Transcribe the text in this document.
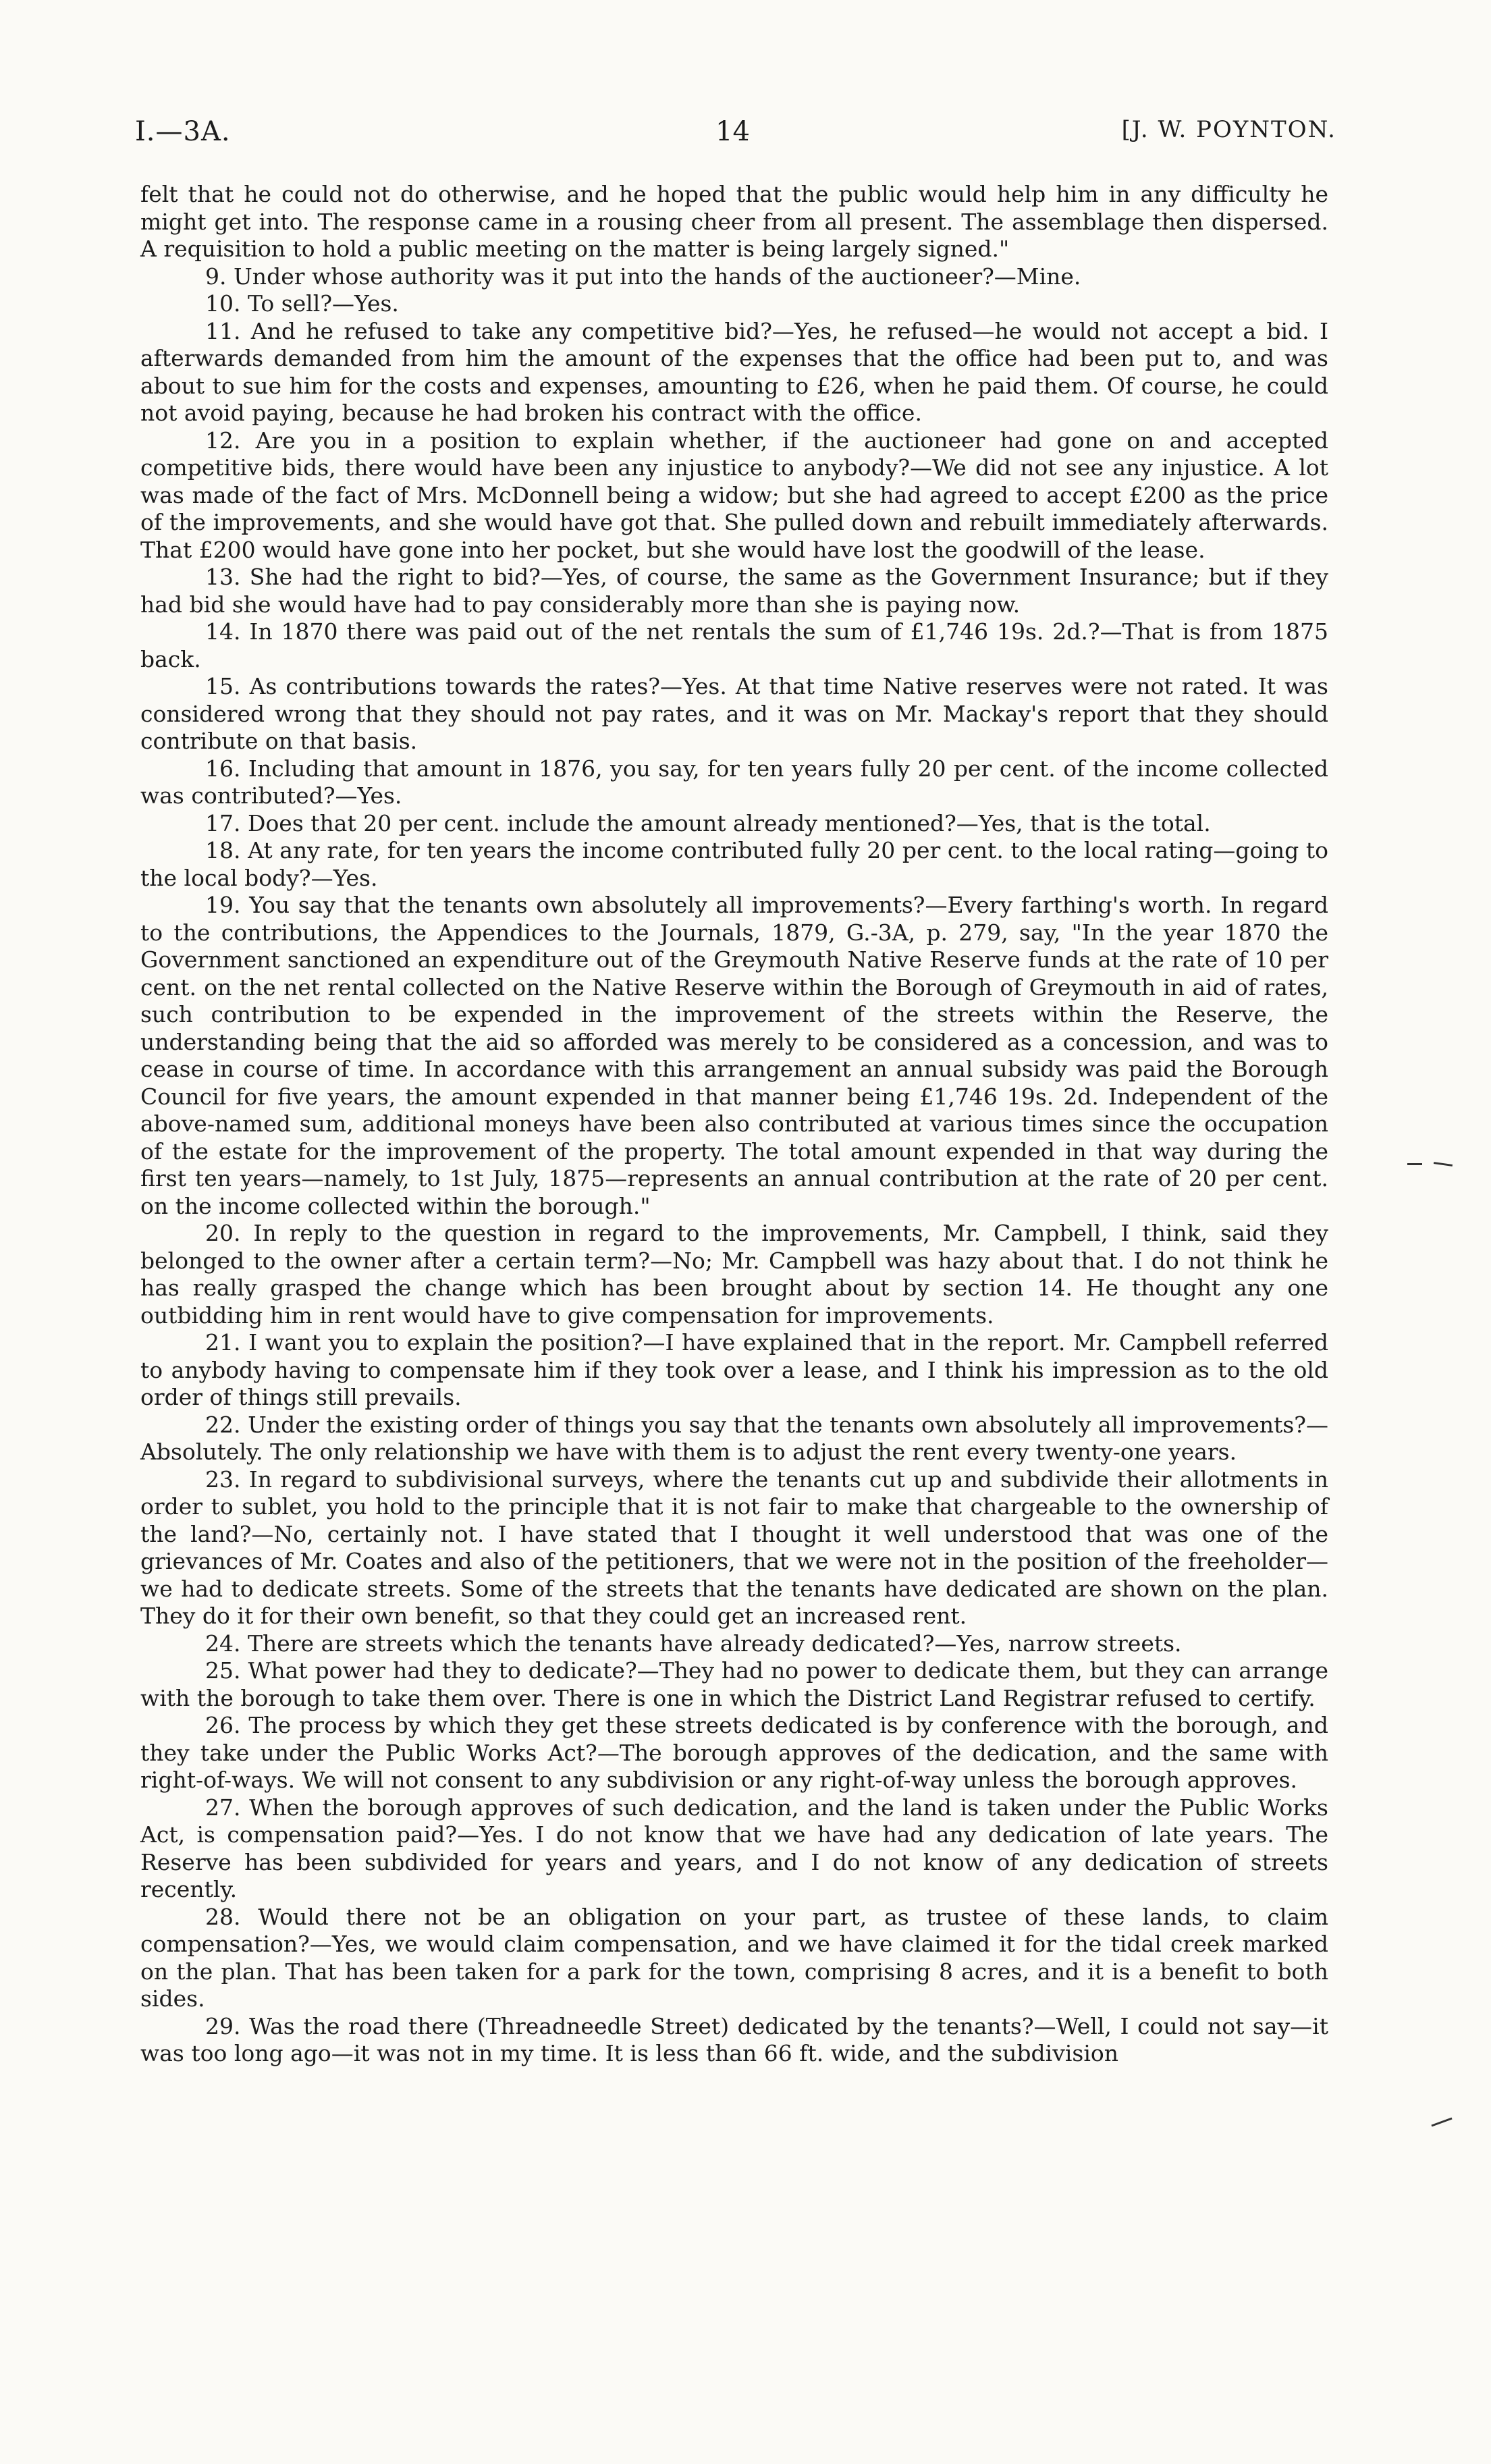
I.—3A.	14	[J. W. POYNTON.

felt that he could not do otherwise, and he hoped that the public would help him in any difficulty he might get into. The response came in a rousing cheer from all present. The assemblage then dispersed. A requisition to hold a public meeting on the matter is being largely signed."

9. Under whose authority was it put into the hands of the auctioneer?—Mine.

10. To sell?—Yes.

11. And he refused to take any competitive bid?—Yes, he refused—he would not accept a bid. I afterwards demanded from him the amount of the expenses that the office had been put to, and was about to sue him for the costs and expenses, amounting to £26, when he paid them. Of course, he could not avoid paying, because he had broken his contract with the office.

12. Are you in a position to explain whether, if the auctioneer had gone on and accepted competitive bids, there would have been any injustice to anybody?—We did not see any injustice. A lot was made of the fact of Mrs. McDonnell being a widow; but she had agreed to accept £200 as the price of the improvements, and she would have got that. She pulled down and rebuilt immediately afterwards. That £200 would have gone into her pocket, but she would have lost the goodwill of the lease.

13. She had the right to bid?—Yes, of course, the same as the Government Insurance; but if they had bid she would have had to pay considerably more than she is paying now.

14. In 1870 there was paid out of the net rentals the sum of £1,746 19s. 2d.?—That is from 1875 back.

15. As contributions towards the rates?—Yes. At that time Native reserves were not rated. It was considered wrong that they should not pay rates, and it was on Mr. Mackay's report that they should contribute on that basis.

16. Including that amount in 1876, you say, for ten years fully 20 per cent. of the income collected was contributed?—Yes.

17. Does that 20 per cent. include the amount already mentioned?—Yes, that is the total.

18. At any rate, for ten years the income contributed fully 20 per cent. to the local rating—going to the local body?—Yes.

19. You say that the tenants own absolutely all improvements?—Every farthing's worth. In regard to the contributions, the Appendices to the Journals, 1879, G.-3A, p. 279, say, "In the year 1870 the Government sanctioned an expenditure out of the Greymouth Native Reserve funds at the rate of 10 per cent. on the net rental collected on the Native Reserve within the Borough of Greymouth in aid of rates, such contribution to be expended in the improvement of the streets within the Reserve, the understanding being that the aid so afforded was merely to be considered as a concession, and was to cease in course of time. In accordance with this arrangement an annual subsidy was paid the Borough Council for five years, the amount expended in that manner being £1,746 19s. 2d. Independent of the above-named sum, additional moneys have been also contributed at various times since the occupation of the estate for the improvement of the property. The total amount expended in that way during the first ten years—namely, to 1st July, 1875—represents an annual contribution at the rate of 20 per cent. on the income collected within the borough."

20. In reply to the question in regard to the improvements, Mr. Campbell, I think, said they belonged to the owner after a certain term?—No; Mr. Campbell was hazy about that. I do not think he has really grasped the change which has been brought about by section 14. He thought any one outbidding him in rent would have to give compensation for improvements.

21. I want you to explain the position?—I have explained that in the report. Mr. Campbell referred to anybody having to compensate him if they took over a lease, and I think his impression as to the old order of things still prevails.

22. Under the existing order of things you say that the tenants own absolutely all improvements?—Absolutely. The only relationship we have with them is to adjust the rent every twenty-one years.

23. In regard to subdivisional surveys, where the tenants cut up and subdivide their allotments in order to sublet, you hold to the principle that it is not fair to make that chargeable to the ownership of the land?—No, certainly not. I have stated that I thought it well understood that was one of the grievances of Mr. Coates and also of the petitioners, that we were not in the position of the freeholder—we had to dedicate streets. Some of the streets that the tenants have dedicated are shown on the plan. They do it for their own benefit, so that they could get an increased rent.

24. There are streets which the tenants have already dedicated?—Yes, narrow streets.

25. What power had they to dedicate?—They had no power to dedicate them, but they can arrange with the borough to take them over. There is one in which the District Land Registrar refused to certify.

26. The process by which they get these streets dedicated is by conference with the borough, and they take under the Public Works Act?—The borough approves of the dedication, and the same with right-of-ways. We will not consent to any subdivision or any right-of-way unless the borough approves.

27. When the borough approves of such dedication, and the land is taken under the Public Works Act, is compensation paid?—Yes. I do not know that we have had any dedication of late years. The Reserve has been subdivided for years and years, and I do not know of any dedication of streets recently.

28. Would there not be an obligation on your part, as trustee of these lands, to claim compensation?—Yes, we would claim compensation, and we have claimed it for the tidal creek marked on the plan. That has been taken for a park for the town, comprising 8 acres, and it is a benefit to both sides.

29. Was the road there (Threadneedle Street) dedicated by the tenants?—Well, I could not say—it was too long ago—it was not in my time. It is less than 66 ft. wide, and the subdivision
